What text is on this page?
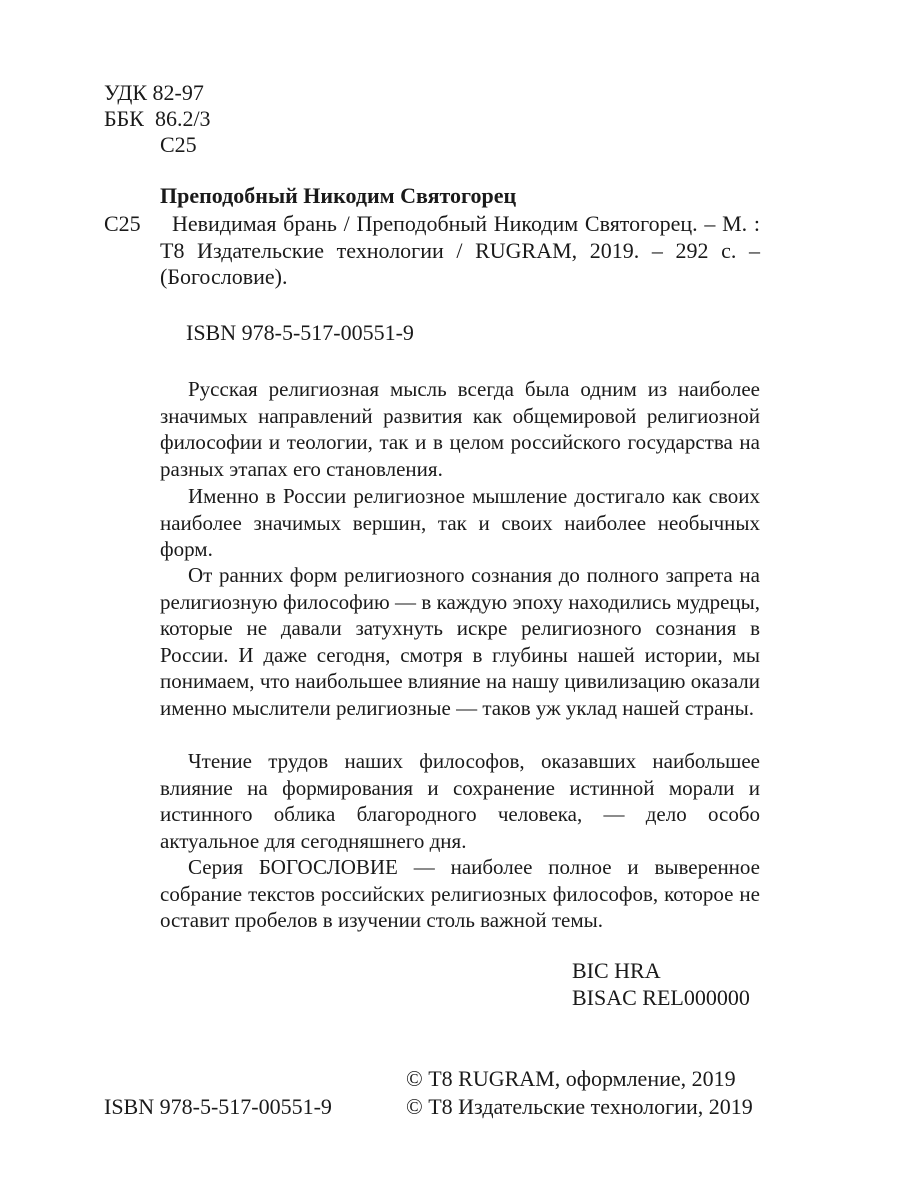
УДК 82-97
ББК  86.2/3
С25
Преподобный Никодим Святогорец
С25	Невидимая брань / Преподобный Никодим Святогорец. – М. : Т8 Издательские технологии / RUGRAM, 2019. – 292 с. – (Богословие).

ISBN 978-5-517-00551-9

Русская религиозная мысль всегда была одним из наиболее значимых направлений развития как общемировой религиозной философии и теологии, так и в целом российского государства на разных этапах его становления.

Именно в России религиозное мышление достигало как своих наиболее значимых вершин, так и своих наиболее необычных форм.

От ранних форм религиозного сознания до полного запрета на религиозную философию — в каждую эпоху находились мудрецы, которые не давали затухнуть искре религиозного сознания в России. И даже сегодня, смотря в глубины нашей истории, мы понимаем, что наибольшее влияние на нашу цивилизацию оказали именно мыслители религиозные — таков уж уклад нашей страны.

Чтение трудов наших философов, оказавших наибольшее влияние на формирования и сохранение истинной морали и истинного облика благородного человека, — дело особо актуальное для сегодняшнего дня.

Серия БОГОСЛОВИЕ — наиболее полное и выверенное собрание текстов российских религиозных философов, которое не оставит пробелов в изучении столь важной темы.

BIC HRA
BISAC REL000000
ISBN 978-5-517-00551-9
© Т8 RUGRAM, оформление, 2019
© Т8 Издательские технологии, 2019
